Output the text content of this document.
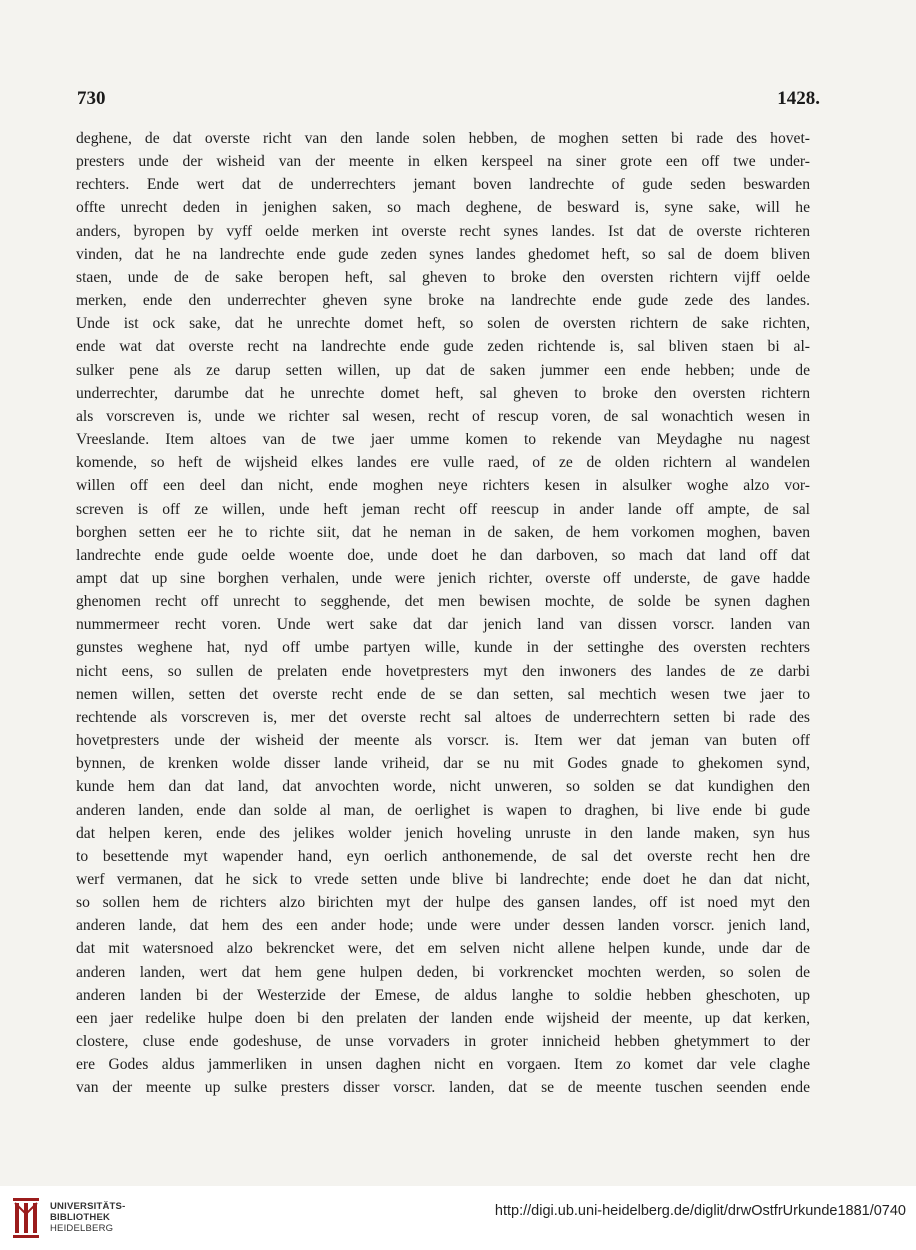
730	1428.
deghene, de dat overste richt van den lande solen hebben, de moghen setten bi rade des hovet-
presters unde der wisheid van der meente in elken kerspeel na siner grote een off twe under-
rechters. Ende wert dat de underrechters jemant boven landrechte of gude seden beswarden
offte unrecht deden in jenighen saken, so mach deghene, de besward is, syne sake, will he
anders, byropen by vyff oelde merken int overste recht synes landes. Ist dat de overste richteren
vinden, dat he na landrechte ende gude zeden synes landes ghedomet heft, so sal de doem bliven
staen, unde de de sake beropen heft, sal gheven to broke den oversten richtern vijff oelde
merken, ende den underrechter gheven syne broke na landrechte ende gude zede des landes.
Unde ist ock sake, dat he unrechte domet heft, so solen de oversten richtern de sake richten,
ende wat dat overste recht na landrechte ende gude zeden richtende is, sal bliven staen bi al-
sulker pene als ze darup setten willen, up dat de saken jummer een ende hebben; unde de
underrechter, darumbe dat he unrechte domet heft, sal gheven to broke den oversten richtern
als vorscreven is, unde we richter sal wesen, recht of rescup voren, de sal wonachtich wesen in
Vreeslande. Item altoes van de twe jaer umme komen to rekende van Meydaghe nu nagest
komende, so heft de wijsheid elkes landes ere vulle raed, of ze de olden richtern al wandelen
willen off een deel dan nicht, ende moghen neye richters kesen in alsulker woghe alzo vor-
screven is off ze willen, unde heft jeman recht off reescup in ander lande off ampte, de sal
borghen setten eer he to richte siit, dat he neman in de saken, de hem vorkomen moghen, baven
landrechte ende gude oelde woente doe, unde doet he dan darboven, so mach dat land off dat
ampt dat up sine borghen verhalen, unde were jenich richter, overste off underste, de gave hadde
ghenomen recht off unrecht to segghende, det men bewisen mochte, de solde be synen daghen
nummermeer recht voren. Unde wert sake dat dar jenich land van dissen vorscr. landen van
gunstes weghene hat, nyd off umbe partyen wille, kunde in der settinghe des oversten rechters
nicht eens, so sullen de prelaten ende hovetpresters myt den inwoners des landes de ze darbi
nemen willen, setten det overste recht ende de se dan setten, sal mechtich wesen twe jaer to
rechtende als vorscreven is, mer det overste recht sal altoes de underrechtern setten bi rade des
hovetpresters unde der wisheid der meente als vorscr. is. Item wer dat jeman van buten off
bynnen, de krenken wolde disser lande vriheid, dar se nu mit Godes gnade to ghekomen synd,
kunde hem dan dat land, dat anvochten worde, nicht unweren, so solden se dat kundighen den
anderen landen, ende dan solde al man, de oerlighet is wapen to draghen, bi live ende bi gude
dat helpen keren, ende des jelikes wolder jenich hoveling unruste in den lande maken, syn hus
to besettende myt wapender hand, eyn oerlich anthonemende, de sal det overste recht hen dre
werf vermanen, dat he sick to vrede setten unde blive bi landrechte; ende doet he dan dat nicht,
so sollen hem de richters alzo birichten myt der hulpe des gansen landes, off ist noed myt den
anderen lande, dat hem des een ander hode; unde were under dessen landen vorscr. jenich land,
dat mit watersnoed alzo bekrencket were, det em selven nicht allene helpen kunde, unde dar de
anderen landen, wert dat hem gene hulpen deden, bi vorkrencket mochten werden, so solen de
anderen landen bi der Westerzide der Emese, de aldus langhe to soldie hebben gheschoten, up
een jaer redelike hulpe doen bi den prelaten der landen ende wijsheid der meente, up dat kerken,
clostere, cluse ende godeshuse, de unse vorvaders in groter innicheid hebben ghetymmert to der
ere Godes aldus jammerliken in unsen daghen nicht en vorgaen. Item zo komet dar vele claghe
van der meente up sulke presters disser vorscr. landen, dat se de meente tuschen seenden ende
UNIVERSITÄTS-
BIBLIOTHEK
HEIDELBERG
http://digi.ub.uni-heidelberg.de/diglit/drwOstfrUrkunde1881/0740
